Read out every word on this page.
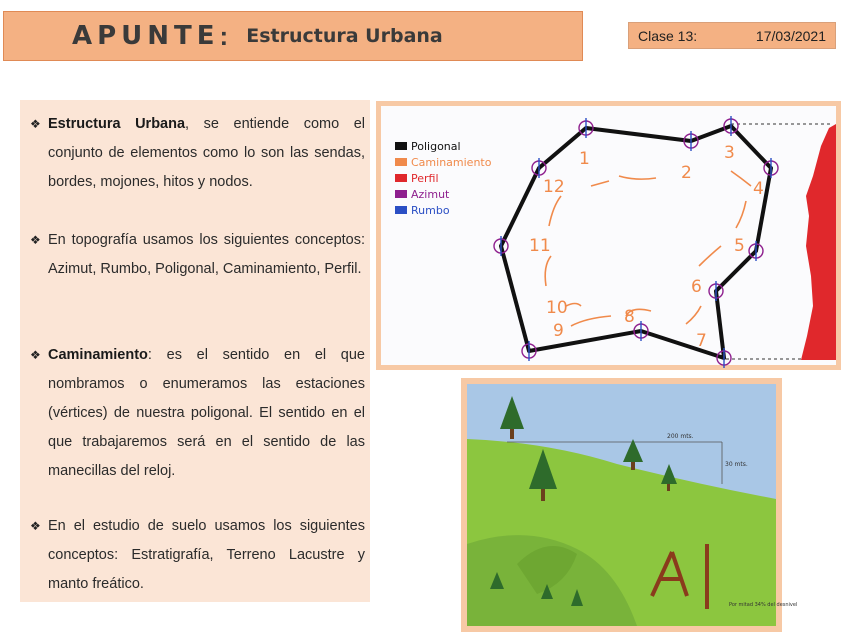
APUNTE : Estructura Urbana	Clase 13:	17/03/2021
❖ Estructura Urbana, se entiende como el conjunto de elementos como lo son las sendas, bordes, mojones, hitos y nodos.
❖ En topografía usamos los siguientes conceptos: Azimut, Rumbo, Poligonal, Caminamiento, Perfil.
❖ Caminamiento: es el sentido en el que nombramos o enumeramos las estaciones (vértices) de nuestra poligonal. El sentido en el que trabajaremos será en el sentido de las manecillas del reloj.
❖ En el estudio de suelo usamos los siguientes conceptos: Estratigrafía, Terreno Lacustre y manto freático.
1
2
3
4
5
6
7
8
9
10
11
12
Poligonal
Caminamiento
Perfil
Azimut
Rumbo
200 mts.
30 mts.
Por mitad 34% del desnivel
